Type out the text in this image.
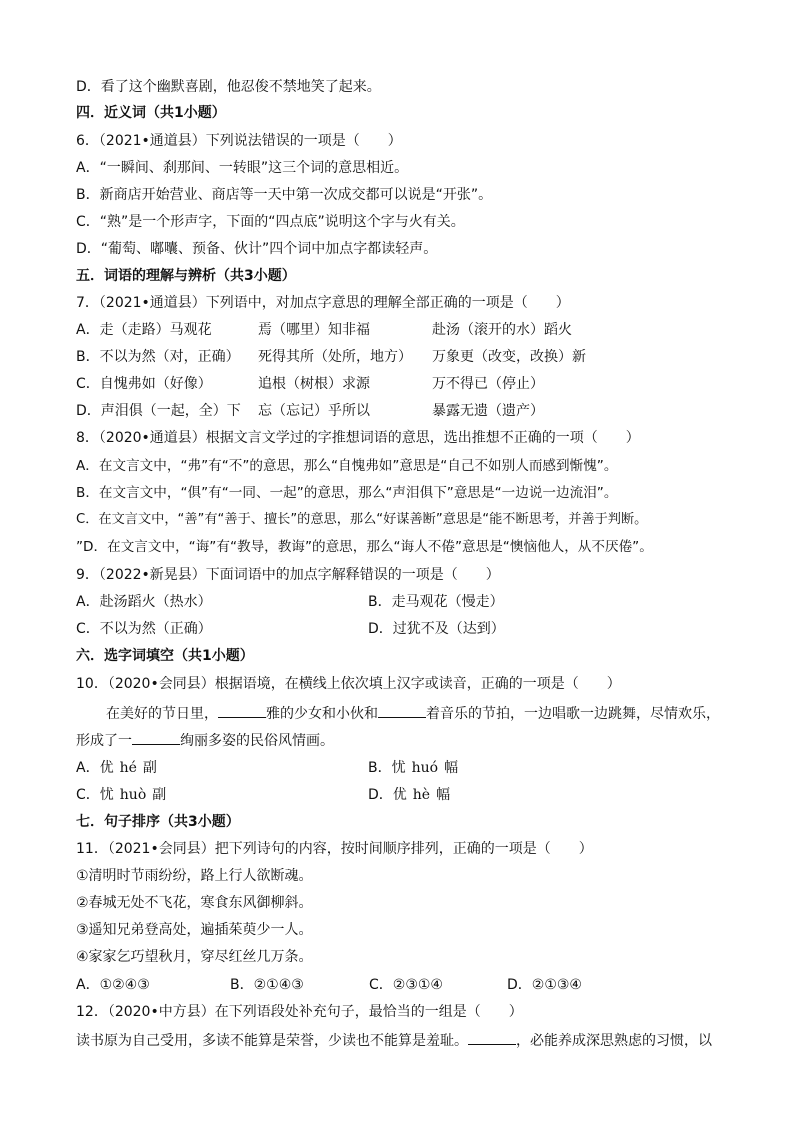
D．看了这个幽默喜剧，他忍俊不禁地笑了起来。
四．近义词（共1小题）
6．（2021•通道县）下列说法错误的一项是（　　）
A．“一瞬间、刹那间、一转眼”这三个词的意思相近。
B．新商店开始营业、商店等一天中第一次成交都可以说是“开张”。
C．“熟”是一个形声字，下面的“四点底”说明这个字与火有关。
D．“葡萄、嘟囔、预备、伙计”四个词中加点字都读轻声。
五．词语的理解与辨析（共3小题）
7．（2021•通道县）下列语中，对加点字意思的理解全部正确的一项是（　　）
A．走（走路）马观花	焉（哪里）知非福	赴汤（滚开的水）蹈火
B．不以为然（对，正确） 死得其所（处所，地方） 万象更（改变，改换）新
C．自愧弗如（好像）	追根（树根）求源	万不得已（停止）
D．声泪俱（一起，全）下 忘（忘记）乎所以	暴露无遗（遗产）
8．（2020•通道县）根据文言文学过的字推想词语的意思，选出推想不正确的一项（　　）
A．在文言文中，“弗”有“不”的意思，那么“自愧弗如”意思是“自己不如别人而感到惭愧”。
B．在文言文中，“俱”有“一同、一起”的意思，那么“声泪俱下”意思是“一边说一边流泪”。
C．在文言文中，“善”有“善于、擅长”的意思，那么“好谋善断”意思是“能不断思考，并善于判断。
”D．在文言文中，“诲”有“教导，教诲”的意思，那么“诲人不倦”意思是“懊恼他人，从不厌倦”。
9．（2022•新晃县）下面词语中的加点字解释错误的一项是（　　）
A．赴汤蹈火（热水）	B．走马观花（慢走）
C．不以为然（正确）	D．过犹不及（达到）
六．选字词填空（共1小题）
10．（2020•会同县）根据语境，在横线上依次填上汉字或读音，正确的一项是（　　）
在美好的节日里，	雅的少女和小伙和	着音乐的节拍，一边唱歌一边跳舞，尽情欢乐，
形成了一	绚丽多姿的民俗风情画。
A．优 hé 副	B．忧 huó 幅
C．忧 huò 副	D．优 hè 幅
七．句子排序（共3小题）
11．（2021•会同县）把下列诗句的内容，按时间顺序排列，正确的一项是（　　）
①清明时节雨纷纷，路上行人欲断魂。
②春城无处不飞花，寒食东风御柳斜。
③遥知兄弟登高处，遍插茱萸少一人。
④家家乞巧望秋月，穿尽红丝几万条。
A．①②④③	B．②①④③	C．②③①④	D．②①③④
12．（2020•中方县）在下列语段处补充句子，最恰当的一组是（　　）
读书原为自己受用，多读不能算是荣誉，少读也不能算是羞耻。	，必能养成深思熟虑的习惯，以
